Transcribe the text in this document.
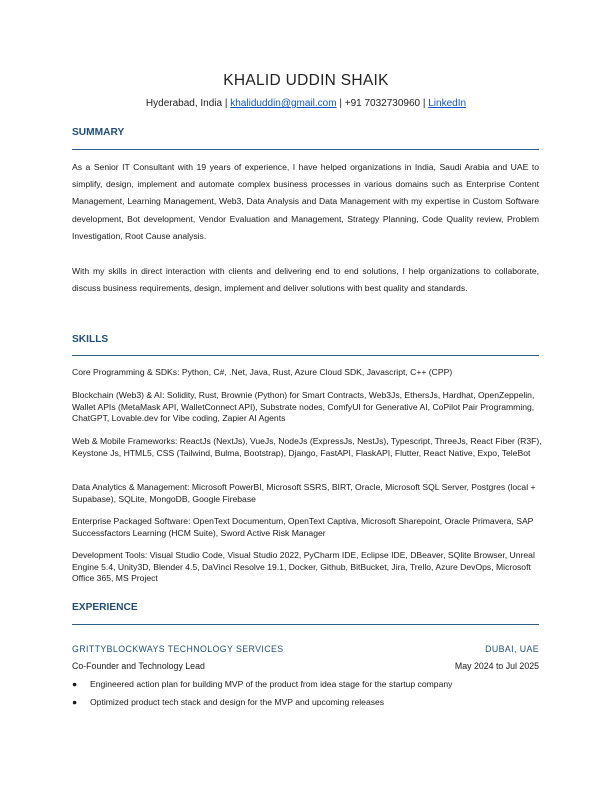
KHALID UDDIN SHAIK
Hyderabad, India | khaliduddin@gmail.com | +91 7032730960 | LinkedIn
SUMMARY
As a Senior IT Consultant with 19 years of experience, I have helped organizations in India, Saudi Arabia and UAE to simplify, design, implement and automate complex business processes in various domains such as Enterprise Content Management, Learning Management, Web3, Data Analysis and Data Management with my expertise in Custom Software development, Bot development, Vendor Evaluation and Management, Strategy Planning, Code Quality review, Problem Investigation, Root Cause analysis.
With my skills in direct interaction with clients and delivering end to end solutions, I help organizations to collaborate, discuss business requirements, design, implement and deliver solutions with best quality and standards.
SKILLS
Core Programming & SDKs: Python, C#, .Net, Java, Rust, Azure Cloud SDK, Javascript, C++ (CPP)
Blockchain (Web3) & AI: Solidity, Rust, Brownie (Python) for Smart Contracts, Web3Js, EthersJs, Hardhat, OpenZeppelin, Wallet APIs (MetaMask API, WalletConnect API), Substrate nodes, ComfyUI for Generative AI, CoPilot Pair Programming, ChatGPT, Lovable.dev for Vibe coding, Zapier AI Agents
Web & Mobile Frameworks: ReactJs (NextJs), VueJs, NodeJs (ExpressJs, NestJs), Typescript, ThreeJs, React Fiber (R3F), Keystone Js, HTML5, CSS (Tailwind, Bulma, Bootstrap), Django, FastAPI, FlaskAPI, Flutter, React Native, Expo, TeleBot
Data Analytics & Management: Microsoft PowerBI, Microsoft SSRS, BIRT, Oracle, Microsoft SQL Server, Postgres (local + Supabase), SQLite, MongoDB, Google Firebase
Enterprise Packaged Software: OpenText Documentum, OpenText Captiva, Microsoft Sharepoint, Oracle Primavera, SAP Successfactors Learning (HCM Suite), Sword Active Risk Manager
Development Tools: Visual Studio Code, Visual Studio 2022, PyCharm IDE, Eclipse IDE, DBeaver, SQlite Browser, Unreal Engine 5.4, Unity3D, Blender 4.5, DaVinci Resolve 19.1, Docker, Github, BitBucket, Jira, Trello, Azure DevOps, Microsoft Office 365, MS Project
EXPERIENCE
GRITTYBLOCKWAYS TECHNOLOGY SERVICES	DUBAI, UAE
Co-Founder and Technology Lead	May 2024 to Jul 2025
● Engineered action plan for building MVP of the product from idea stage for the startup company
● Optimized product tech stack and design for the MVP and upcoming releases
